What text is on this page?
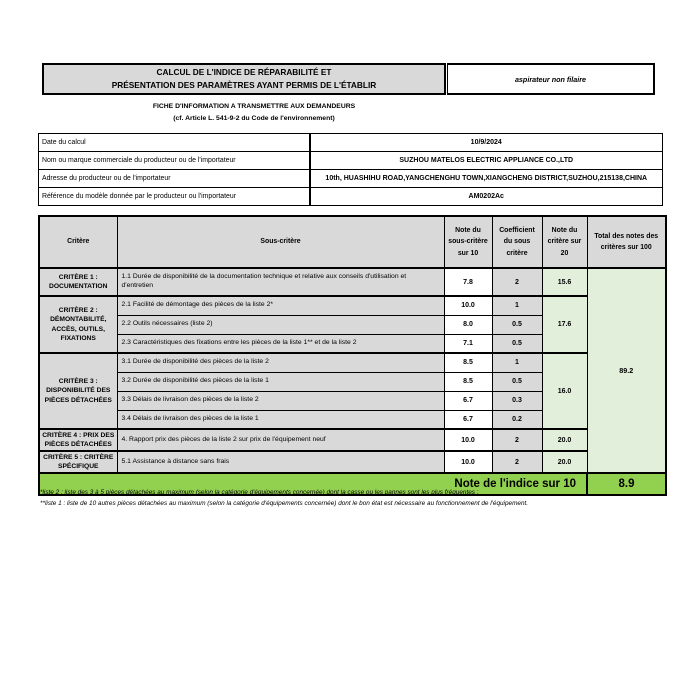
CALCUL DE L'INDICE DE RÉPARABILITÉ ET
PRÉSENTATION DES PARAMÈTRES AYANT PERMIS DE L'ÉTABLIR
aspirateur non filaire
FICHE D'INFORMATION A TRANSMETTRE AUX DEMANDEURS
(cf. Article L. 541-9-2 du Code de l'environnement)
Date du calcul	10/9/2024
Nom ou marque commerciale du producteur ou de l'importateur	SUZHOU MATELOS ELECTRIC APPLIANCE CO.,LTD
Adresse du producteur ou de l'importateur	10th, HUASHIHU ROAD,YANGCHENGHU TOWN,XIANGCHENG DISTRICT,SUZHOU,215138,CHINA
Référence du modèle donnée par le producteur ou l'importateur	AM0202Ac
Critère	Sous-critère	Note du sous-critère sur 10	Coefficient du sous critère	Note du critère sur 20	Total des notes des critères sur 100
CRITÈRE 1 : DOCUMENTATION	1.1 Durée de disponibilité de la documentation technique et relative aux conseils d'utilisation et d'entretien	7.8	2	15.6	89.2
CRITÈRE 2 : DÉMONTABILITÉ, ACCÈS, OUTILS, FIXATIONS	2.1 Facilité de démontage des pièces de la liste 2*	10.0	1	17.6	
	2.2 Outils nécessaires (liste 2)	8.0	0.5		
	2.3 Caractéristiques des fixations entre les pièces de la liste 1** et de la liste 2	7.1	0.5		
CRITÈRE 3 : DISPONIBILITÉ DES PIÈCES DÉTACHÉES	3.1 Durée de disponibilité des pièces de la liste 2	8.5	1	16.0	
	3.2 Durée de disponibilité des pièces de la liste 1	8.5	0.5		
	3.3 Délais de livraison des pièces de la liste 2	6.7	0.3		
	3.4 Délais de livraison des pièces de la liste 1	6.7	0.2		
CRITÈRE 4 : PRIX DES PIÈCES DÉTACHÉES	4. Rapport prix des pièces de la liste 2 sur prix de l'équipement neuf	10.0	2	20.0	
CRITÈRE 5 : CRITÈRE SPÉCIFIQUE	5.1 Assistance à distance sans frais	10.0	2	20.0	
Note de l'indice sur 10					8.9
*liste 2 : liste des 3 à 5 pièces détachées au maximum (selon la catégorie d'équipements concernée) dont la casse ou les pannes sont les plus fréquentes ;
**liste 1 : liste de 10 autres pièces détachées au maximum (selon la catégorie d'équipements concernée) dont le bon état est nécessaire au fonctionnement de l'équipement.
